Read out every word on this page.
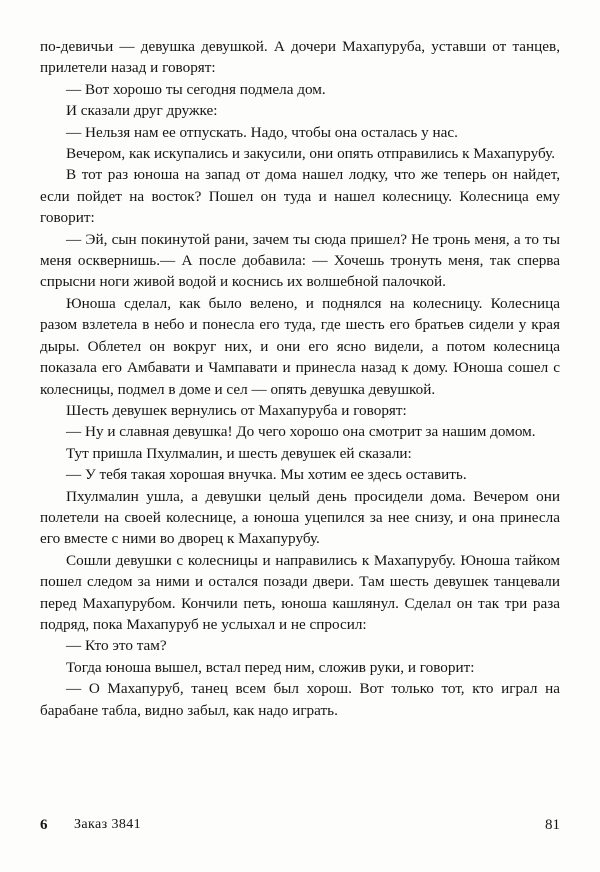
по-девичьи — девушка девушкой. А дочери Махапуруба, уставши от танцев, прилетели назад и говорят:

— Вот хорошо ты сегодня подмела дом.

И сказали друг дружке:

— Нельзя нам ее отпускать. Надо, чтобы она осталась у нас.

Вечером, как искупались и закусили, они опять отправились к Махапурубу.

В тот раз юноша на запад от дома нашел лодку, что же теперь он найдет, если пойдет на восток? Пошел он туда и нашел колесницу. Колесница ему говорит:

— Эй, сын покинутой рани, зачем ты сюда пришел? Не тронь меня, а то ты меня осквернишь.— А после добавила: — Хочешь тронуть меня, так сперва спрысни ноги живой водой и коснись их волшебной палочкой.

Юноша сделал, как было велено, и поднялся на колесницу. Колесница разом взлетела в небо и понесла его туда, где шесть его братьев сидели у края дыры. Облетел он вокруг них, и они его ясно видели, а потом колесница показала его Амбавати и Чампавати и принесла назад к дому. Юноша сошел с колесницы, подмел в доме и сел — опять девушка девушкой.

Шесть девушек вернулись от Махапуруба и говорят:

— Ну и славная девушка! До чего хорошо она смотрит за нашим домом.

Тут пришла Пхулмалин, и шесть девушек ей сказали:

— У тебя такая хорошая внучка. Мы хотим ее здесь оставить.

Пхулмалин ушла, а девушки целый день просидели дома. Вечером они полетели на своей колеснице, а юноша уцепился за нее снизу, и она принесла его вместе с ними во дворец к Махапурубу.

Сошли девушки с колесницы и направились к Махапурубу. Юноша тайком пошел следом за ними и остался позади двери. Там шесть девушек танцевали перед Махапурубом. Кончили петь, юноша кашлянул. Сделал он так три раза подряд, пока Махапуруб не услыхал и не спросил:

— Кто это там?

Тогда юноша вышел, встал перед ним, сложив руки, и говорит:

— О Махапуруб, танец всем был хорош. Вот только тот, кто играл на барабане табла, видно забыл, как надо играть.

6 Заказ 3841	81
